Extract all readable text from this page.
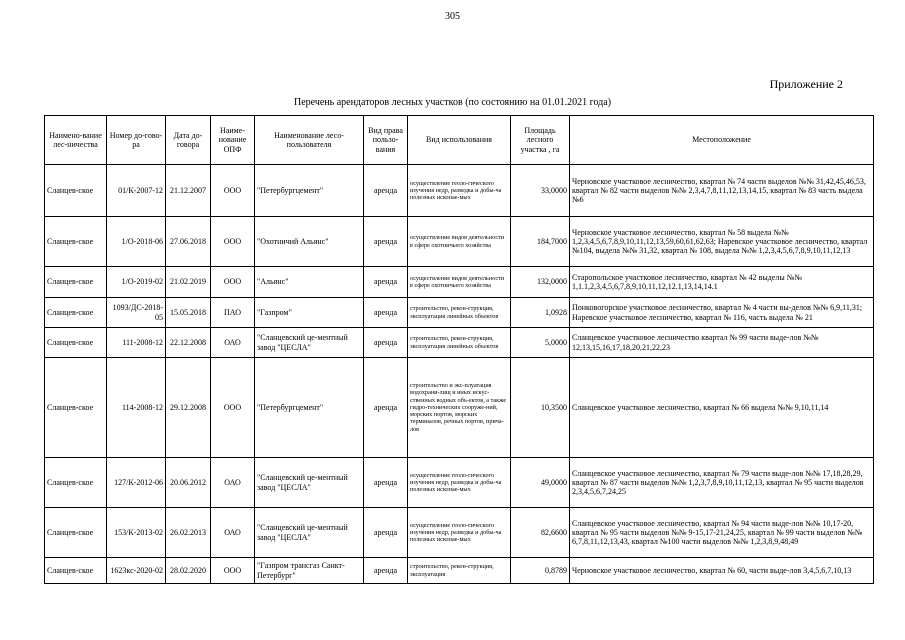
305
Приложение 2
Перечень арендаторов лесных участков (по состоянию на 01.01.2021 года)
Наимено-вание лес-ничества	Номер до-гово-ра	Дата до-говора	Наиме-нование ОПФ	Наименование лесо-пользователя	Вид права пользо-вания	Вид использования	Площадь лесного участка , га	Местоположение
Сланцев-ское	01/К-2007-12	21.12.2007	ООО	"Петербургцемент"	аренда	осуществление геоло-гического изучения недр, разведка и добы-ча полезных ископае-мых	33,0000	Черновское участковое лесничество, квартал № 74 части выделов №№ 31,42,45,46,53, квартал № 82 части выделов №№ 2,3,4,7,8,11,12,13,14,15, квартал № 83 часть выдела №6
Сланцев-ское	1/О-2018-06	27.06.2018	ООО	"Охотничий Альянс"	аренда	осуществление видов деятельности в сфере охотничьего хозяйства	184,7000	Черновское участковое лесничество, квартал № 58 выдела №№ 1,2,3,4,5,6,7,8,9,10,11,12,13,59,60,61,62,63; Наревское участковое лесничество, квартал №104, выдела №№ 31,32, квартал № 108, выдела №№ 1,2,3,4,5,6,7,8,9,10,11,12,13
Сланцев-ское	1/О-2019-02	21.02.2019	ООО	"Альянс"	аренда	осуществление видов деятельности в сфере охотничьего хозяйства	132,0000	Старопольское участковое лесничество, квартал № 42 выделы №№ 1,1.1,2,3,4,5,6,7,8,9,10,11,12,12.1,13,14,14.1
Сланцев-ское	1093/ДС-2018-05	15.05.2018	ПАО	"Газпром"	аренда	строительство, рекон-струкция, эксплуатация линейных объектов	1,0928	Понковогорское участковое лесничество, квартал № 4 части вы-делов №№ 6,9,11,31; Наревское участковое лесничество, квартал № 116, часть выдела № 21
Сланцев-ское	111-2008-12	22.12.2008	ОАО	"Сланцевский це-ментный завод "ЦЕСЛА"	аренда	строительство, рекон-струкция, эксплуатация линейных объектов	5,0000	Сланцевское участковое лесничество квартал № 99 части выде-лов №№ 12,13,15,16,17,18,20,21,22,23
Сланцев-ское	114-2008-12	29.12.2008	ООО	"Петербургцемент"	аренда	строительство и экс-плуатация водохрани-лищ и иных искус-ственных водных объ-ектов, а также гидро-технических сооруже-ний, морских портов, морских терминалов, речных портов, прича-лов	10,3500	Сланцевское участковое лесничество, квартал № 66 выдела №№ 9,10,11,14
Сланцев-ское	127/К-2012-06	20.06.2012	ОАО	"Сланцевский це-ментный завод "ЦЕСЛА"	аренда	осуществление геоло-гического изучения недр, разведка и добы-ча полезных ископае-мых	49,0000	Сланцевское участковое лесничество, квартал № 79 части выде-лов №№ 17,18,28,29, квартал № 87 части выделов №№ 1,2,3,7,8,9,10,11,12,13, квартал № 95 части выделов 2,3,4,5,6,7,24,25
Сланцев-ское	153/К-2013-02	26.02.2013	ОАО	"Сланцевский це-ментный завод "ЦЕСЛА"	аренда	осуществление геоло-гического изучения недр, разведка и добы-ча полезных ископае-мых	82,6600	Сланцевское участковое лесничество, квартал № 94 части выде-лов №№ 10,17-20, квартал № 95 части выделов №№ 9-15,17-21,24,25, квартал № 99 части выделов №№ 6,7,8,11,12,13,43, квартал №100 части выделов №№ 1,2,3,8,9,48,49
Сланцев-ское	1623кс-2020-02	28.02.2020	ООО	"Газпром трансгаз Санкт-Петербург"	аренда	строительство, рекон-струкция, эксплуатация	0,8789	Черновское участковое лесничество, квартал № 60, части выде-лов 3,4,5,6,7,10,13
